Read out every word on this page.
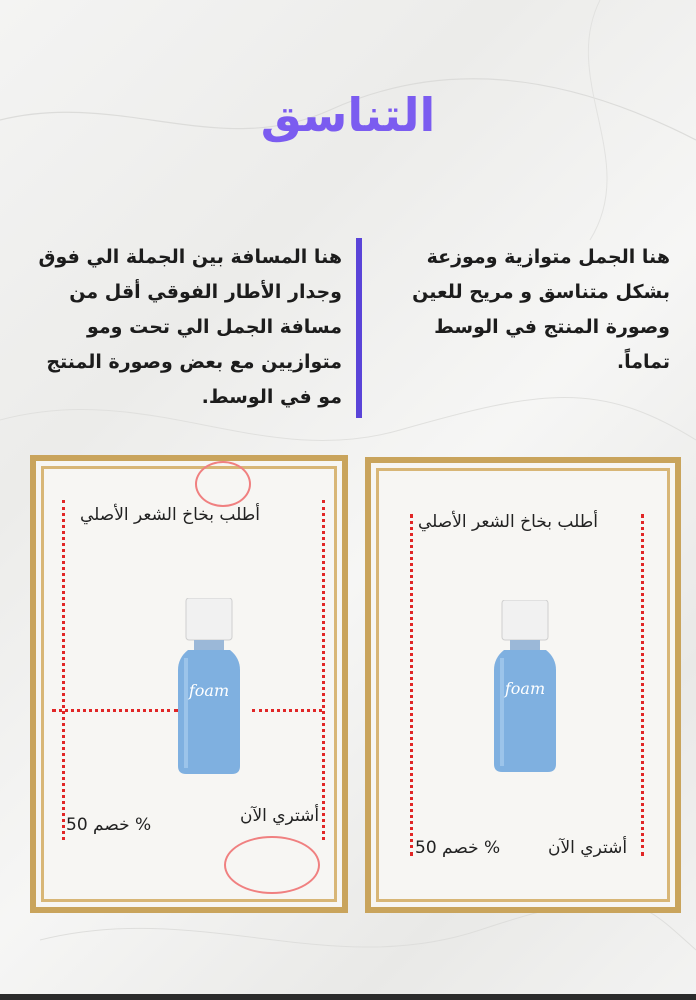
التناسق
هنا الجمل متوازية وموزعة بشكل متناسق و مريح للعين وصورة المنتج في الوسط تماماً.
هنا المسافة بين الجملة الي فوق وجدار الأطار الفوقي أقل من مسافة الجمل الي تحت ومو متوازيين مع بعض وصورة المنتج مو في الوسط.
أطلب بخاخ الشعر الأصلي
foam
خصم 50 %	أشتري الآن
أطلب بخاخ الشعر الأصلي
foam
خصم 50 %	أشتري الآن
